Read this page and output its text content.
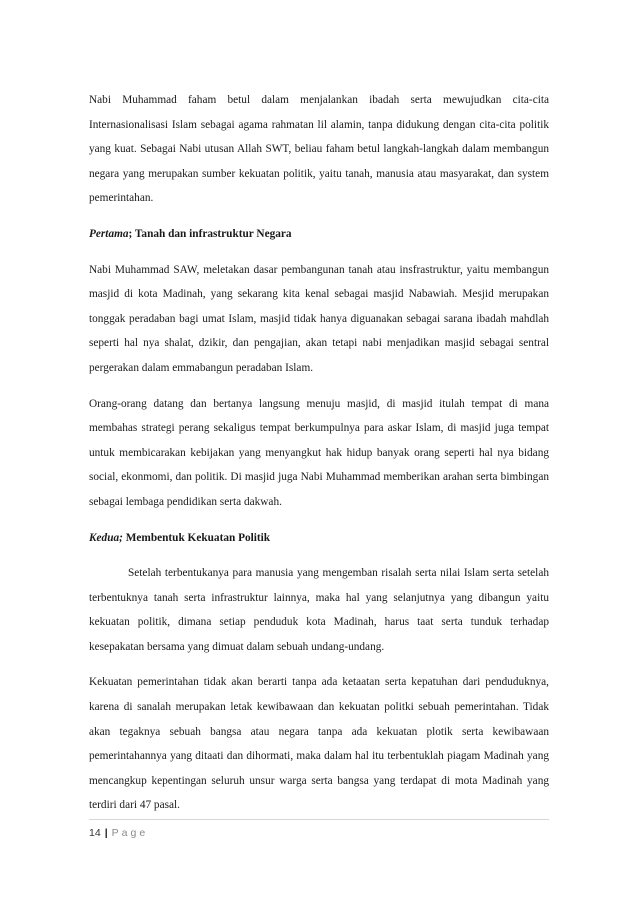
Nabi Muhammad faham betul dalam menjalankan ibadah serta mewujudkan cita-cita Internasionalisasi Islam sebagai agama rahmatan lil alamin, tanpa didukung dengan cita-cita politik yang kuat. Sebagai Nabi utusan Allah SWT, beliau faham betul langkah-langkah dalam membangun negara yang merupakan sumber kekuatan politik, yaitu tanah, manusia atau masyarakat, dan system pemerintahan.

Pertama; Tanah dan infrastruktur Negara

Nabi Muhammad SAW, meletakan dasar pembangunan tanah atau insfrastruktur, yaitu membangun masjid di kota Madinah, yang sekarang kita kenal sebagai masjid Nabawiah. Mesjid merupakan tonggak peradaban bagi umat Islam, masjid tidak hanya diguanakan sebagai sarana ibadah mahdlah seperti hal nya shalat, dzikir, dan pengajian, akan tetapi nabi menjadikan masjid sebagai sentral pergerakan dalam emmabangun peradaban Islam.

Orang-orang datang dan bertanya langsung menuju masjid, di masjid itulah tempat di mana membahas strategi perang sekaligus tempat berkumpulnya para askar Islam, di masjid juga tempat untuk membicarakan kebijakan yang menyangkut hak hidup banyak orang seperti hal nya bidang social, ekonmomi, dan politik. Di masjid juga Nabi Muhammad memberikan arahan serta bimbingan sebagai lembaga pendidikan serta dakwah.

Kedua; Membentuk Kekuatan Politik

Setelah terbentukanya para manusia yang mengemban risalah serta nilai Islam serta setelah terbentuknya tanah serta infrastruktur lainnya, maka hal yang selanjutnya yang dibangun yaitu kekuatan politik, dimana setiap penduduk kota Madinah, harus taat serta tunduk terhadap kesepakatan bersama yang dimuat dalam sebuah undang-undang.

Kekuatan pemerintahan tidak akan berarti tanpa ada ketaatan serta kepatuhan dari penduduknya, karena di sanalah merupakan letak kewibawaan dan kekuatan politki sebuah pemerintahan. Tidak akan tegaknya sebuah bangsa atau negara tanpa ada kekuatan plotik serta kewibawaan pemerintahannya yang ditaati dan dihormati, maka dalam hal itu terbentuklah piagam Madinah yang mencangkup kepentingan seluruh unsur warga serta bangsa yang terdapat di mota Madinah yang terdiri dari 47 pasal.

14 | Page
